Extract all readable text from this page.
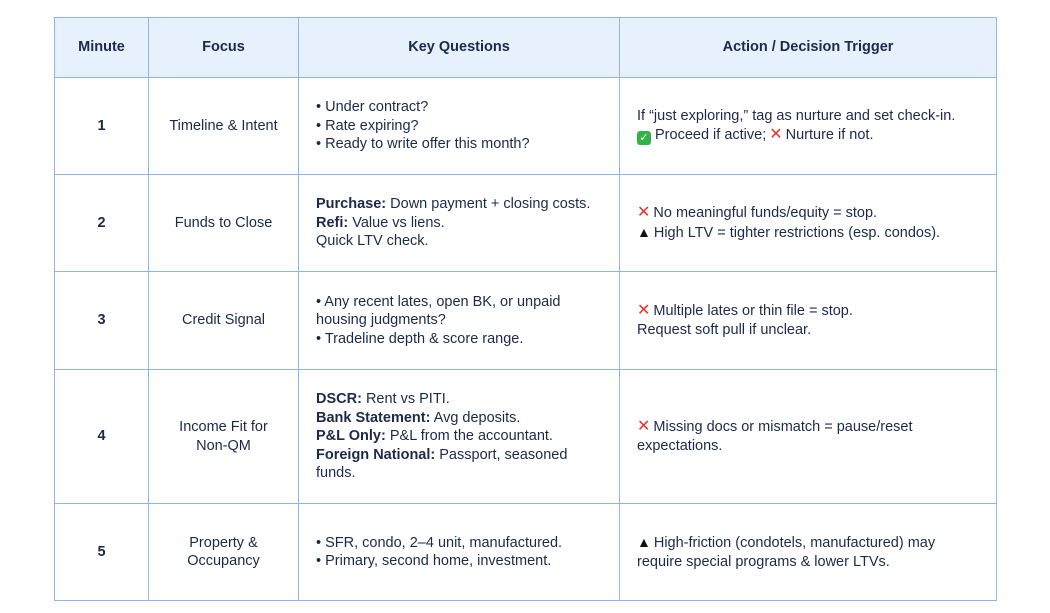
Minute	Focus	Key Questions	Action / Decision Trigger
1	Timeline & Intent	• Under contract?
• Rate expiring?
• Ready to write offer this month?	If “just exploring,” tag as nurture and set check-in.
✓ Proceed if active; ✕ Nurture if not.

2	Funds to Close	Purchase: Down payment + closing costs.
Refi: Value vs liens.
Quick LTV check.	✕ No meaningful funds/equity = stop.
▲ High LTV = tighter restrictions (esp. condos).

3	Credit Signal	• Any recent lates, open BK, or unpaid
housing judgments?
• Tradeline depth & score range.	✕ Multiple lates or thin file = stop.
Request soft pull if unclear.

4	Income Fit for Non-QM	DSCR: Rent vs PITI.
Bank Statement: Avg deposits.
P&L Only: P&L from the accountant.
Foreign National: Passport, seasoned
funds.	✕ Missing docs or mismatch = pause/reset
expectations.

5	Property & Occupancy	• SFR, condo, 2–4 unit, manufactured.
• Primary, second home, investment.	▲ High-friction (condotels, manufactured) may
require special programs & lower LTVs.
